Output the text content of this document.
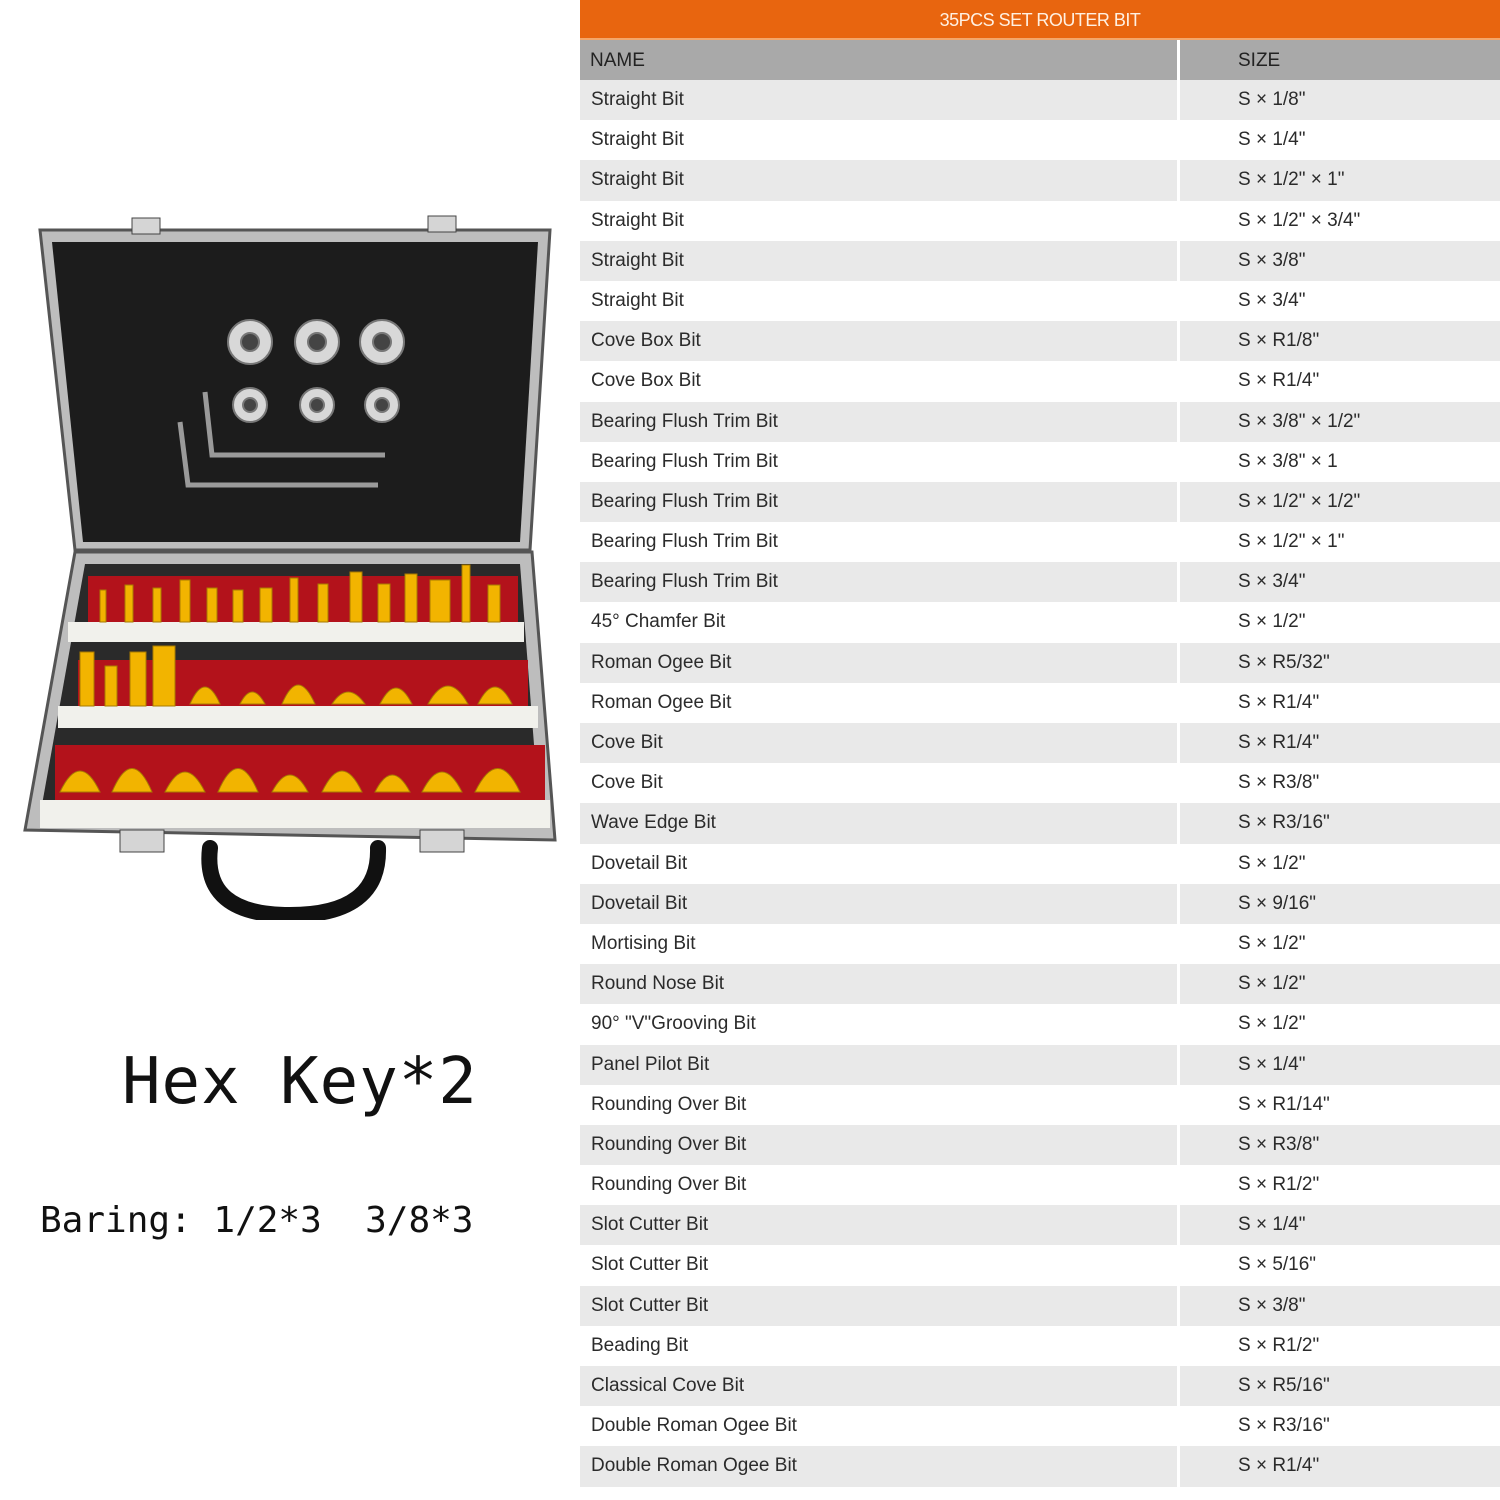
Hex Key*2
Baring: 1/2*3  3/8*3
35PCS SET ROUTER BIT
NAME	SIZE
Straight Bit	S × 1/8"
Straight Bit	S × 1/4"
Straight Bit	S × 1/2" × 1"
Straight Bit	S × 1/2" × 3/4"
Straight Bit	S × 3/8"
Straight Bit	S × 3/4"
Cove Box Bit	S × R1/8"
Cove Box Bit	S × R1/4"
Bearing Flush Trim Bit	S × 3/8" × 1/2"
Bearing Flush Trim Bit	S × 3/8" × 1
Bearing Flush Trim Bit	S × 1/2" × 1/2"
Bearing Flush Trim Bit	S × 1/2" × 1"
Bearing Flush Trim Bit	S × 3/4"
45° Chamfer Bit	S × 1/2"
Roman Ogee Bit	S × R5/32"
Roman Ogee Bit	S × R1/4"
Cove Bit	S × R1/4"
Cove Bit	S × R3/8"
Wave Edge Bit	S × R3/16"
Dovetail Bit	S × 1/2"
Dovetail Bit	S × 9/16"
Mortising Bit	S × 1/2"
Round Nose Bit	S × 1/2"
90° "V"Grooving Bit	S × 1/2"
Panel Pilot Bit	S × 1/4"
Rounding Over Bit	S × R1/14"
Rounding Over Bit	S × R3/8"
Rounding Over Bit	S × R1/2"
Slot Cutter Bit	S × 1/4"
Slot Cutter Bit	S × 5/16"
Slot Cutter Bit	S × 3/8"
Beading Bit	S × R1/2"
Classical Cove Bit	S × R5/16"
Double Roman Ogee Bit	S × R3/16"
Double Roman Ogee Bit	S × R1/4"
